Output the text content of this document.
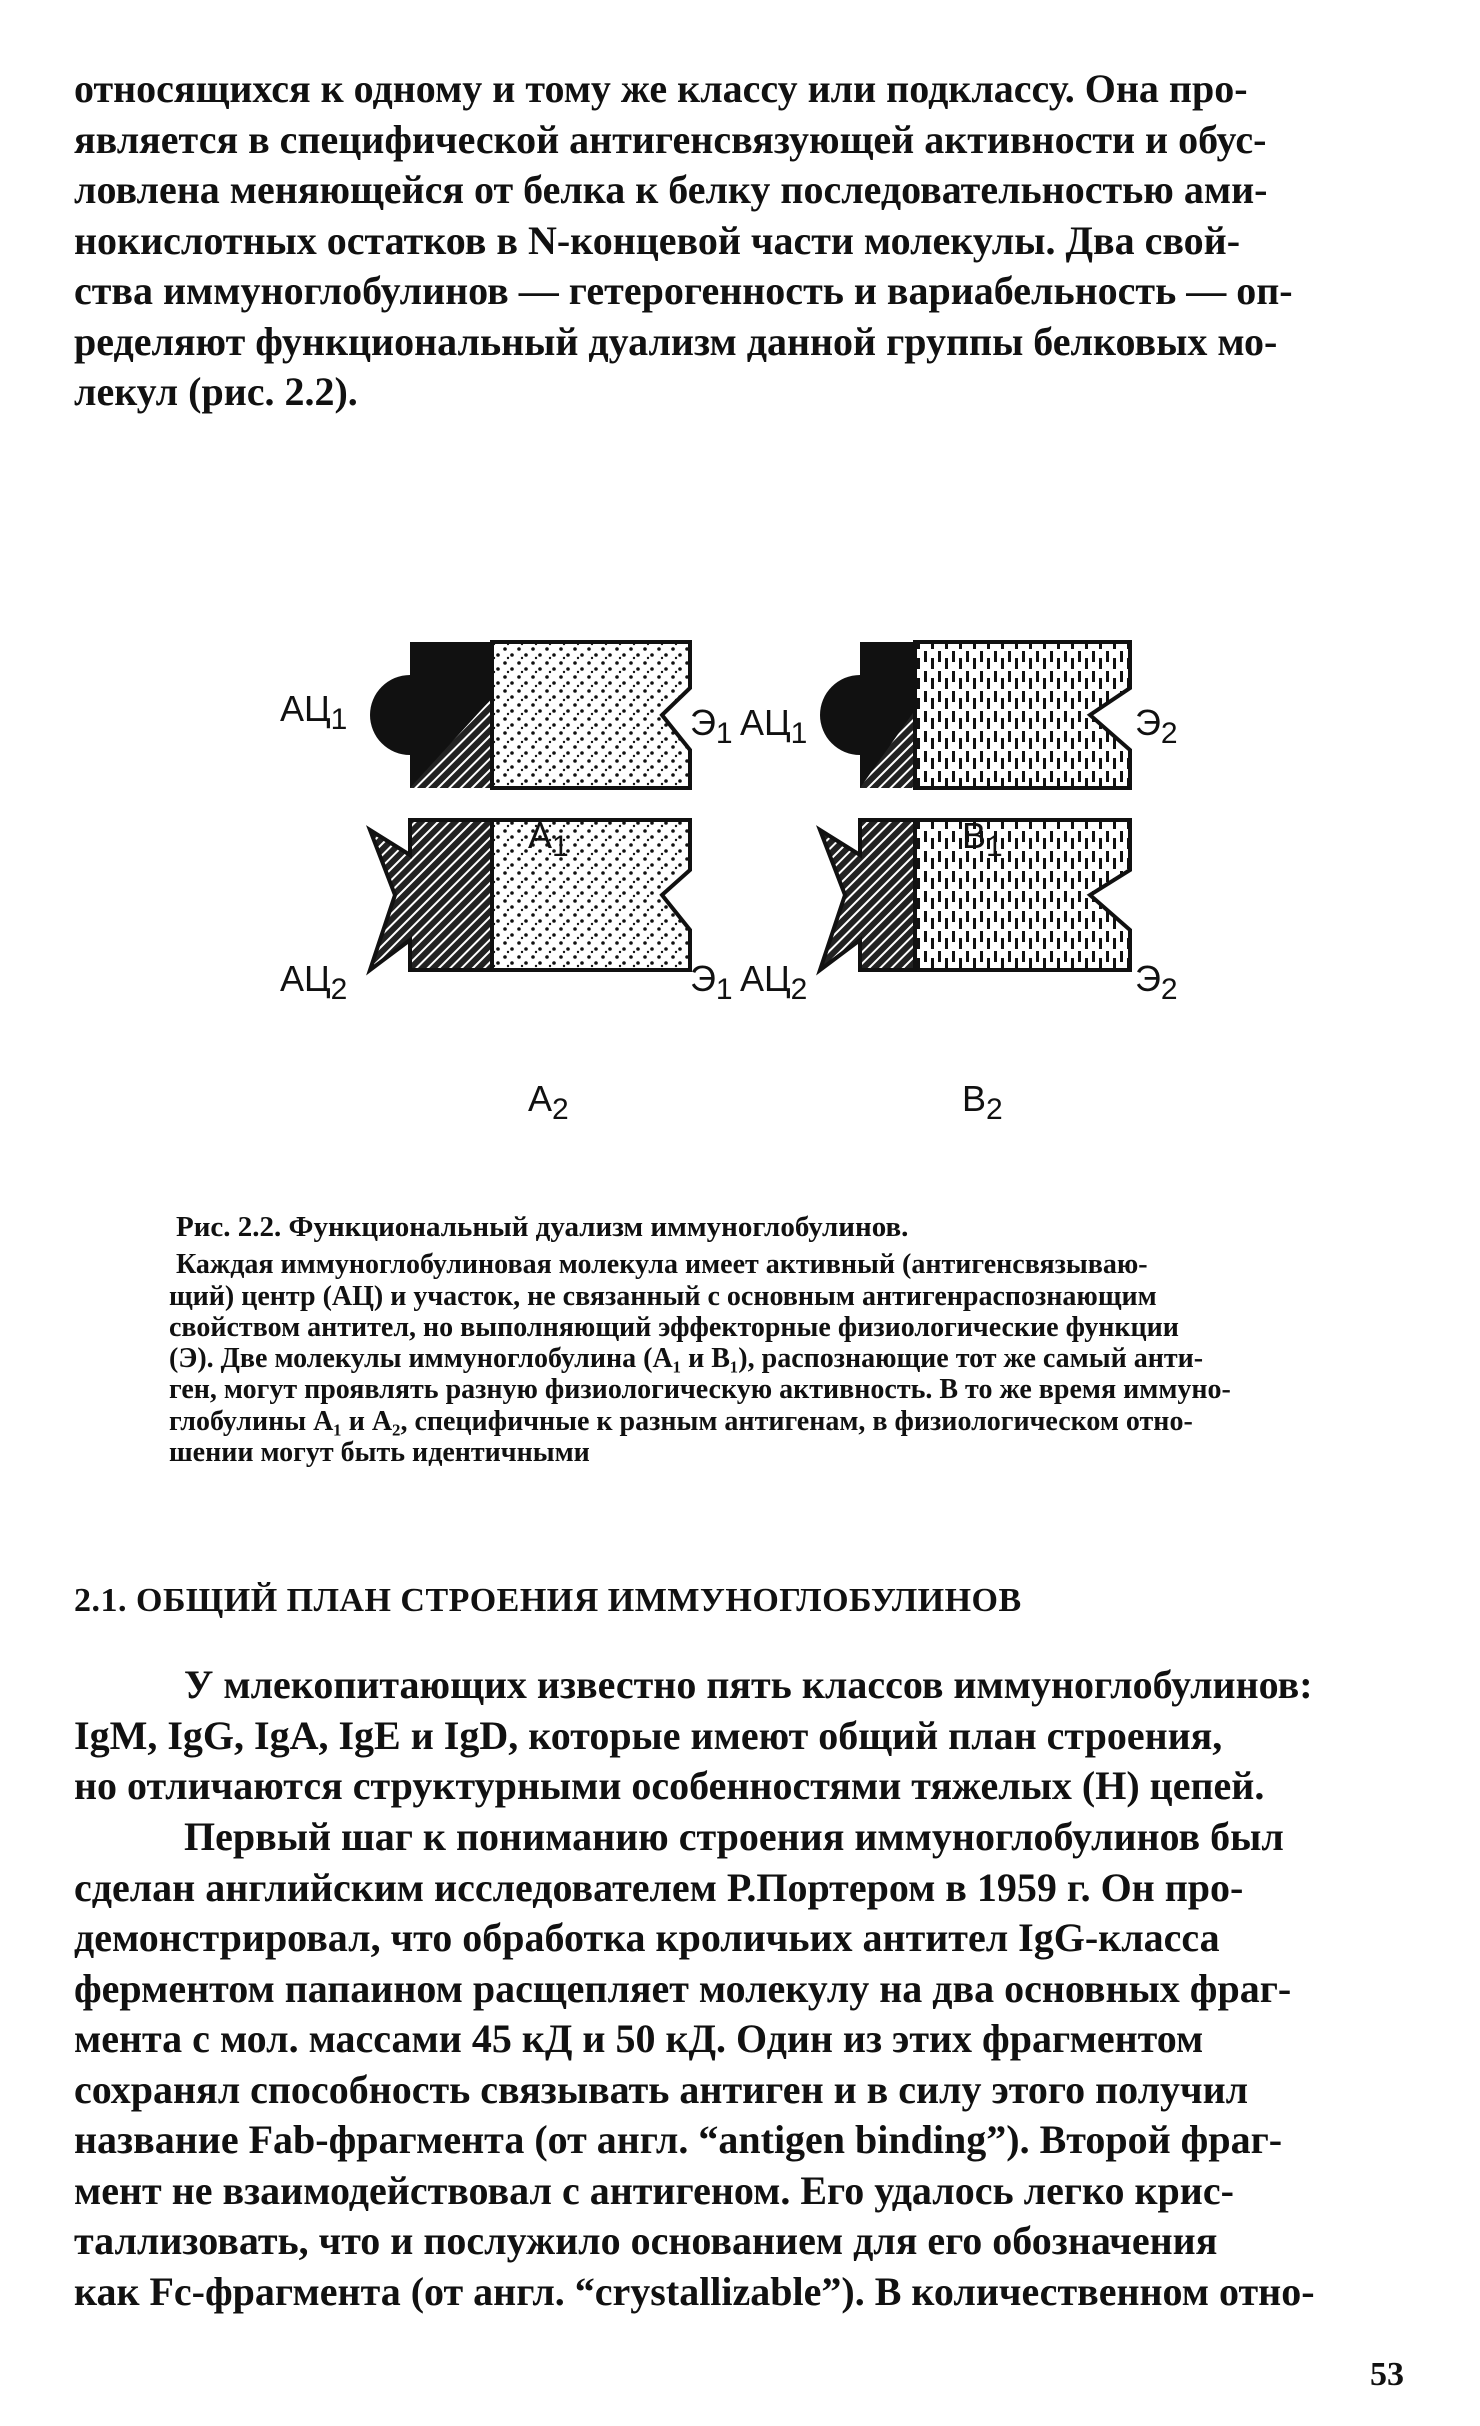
относящихся к одному и тому же классу или подклассу. Она про-
является в специфической антигенсвязующей активности и обус-
ловлена меняющейся от белка к белку последовательностью ами-
нокислотных остатков в N-концевой части молекулы. Два свой-
ства иммуноглобулинов — гетерогенность и вариабельность — оп-
ределяют функциональный дуализм данной группы белковых мо-
лекул (рис. 2.2).
$АЦ_1$	$Э_1$ $АЦ_1$	$Э_2$
$А_1$	$В_1$
$АЦ_2$	$Э_1$ $АЦ_2$	$Э_2$
$А_2$	$В_2$
Рис. 2.2. Функциональный дуализм иммуноглобулинов.
Каждая иммуноглобулиновая молекула имеет активный (антигенсвязываю-
щий) центр (АЦ) и участок, не связанный с основным антигенраспознающим
свойством антител, но выполняющий эффекторные физиологические функции
(Э). Две молекулы иммуноглобулина (A₁ и B₁), распознающие тот же самый анти-
ген, могут проявлять разную физиологическую активность. В то же время иммуно-
глобулины A₁ и A₂, специфичные к разным антигенам, в физиологическом отно-
шении могут быть идентичными
2.1. ОБЩИЙ ПЛАН СТРОЕНИЯ ИММУНОГЛОБУЛИНОВ
У млекопитающих известно пять классов иммуноглобулинов:
IgM, IgG, IgA, IgE и IgD, которые имеют общий план строения,
но отличаются структурными особенностями тяжелых (Н) цепей.
Первый шаг к пониманию строения иммуноглобулинов был
сделан английским исследователем Р.Портером в 1959 г. Он про-
демонстрировал, что обработка кроличьих антител IgG-класса
ферментом папаином расщепляет молекулу на два основных фраг-
мента с мол. массами 45 кД и 50 кД. Один из этих фрагментом
сохранял способность связывать антиген и в силу этого получил
название Fab-фрагмента (от англ. “antigen binding”). Второй фраг-
мент не взаимодействовал с антигеном. Его удалось легко крис-
таллизовать, что и послужило основанием для его обозначения
как Fc-фрагмента (от англ. “crystallizable”). В количественном отно-
53
